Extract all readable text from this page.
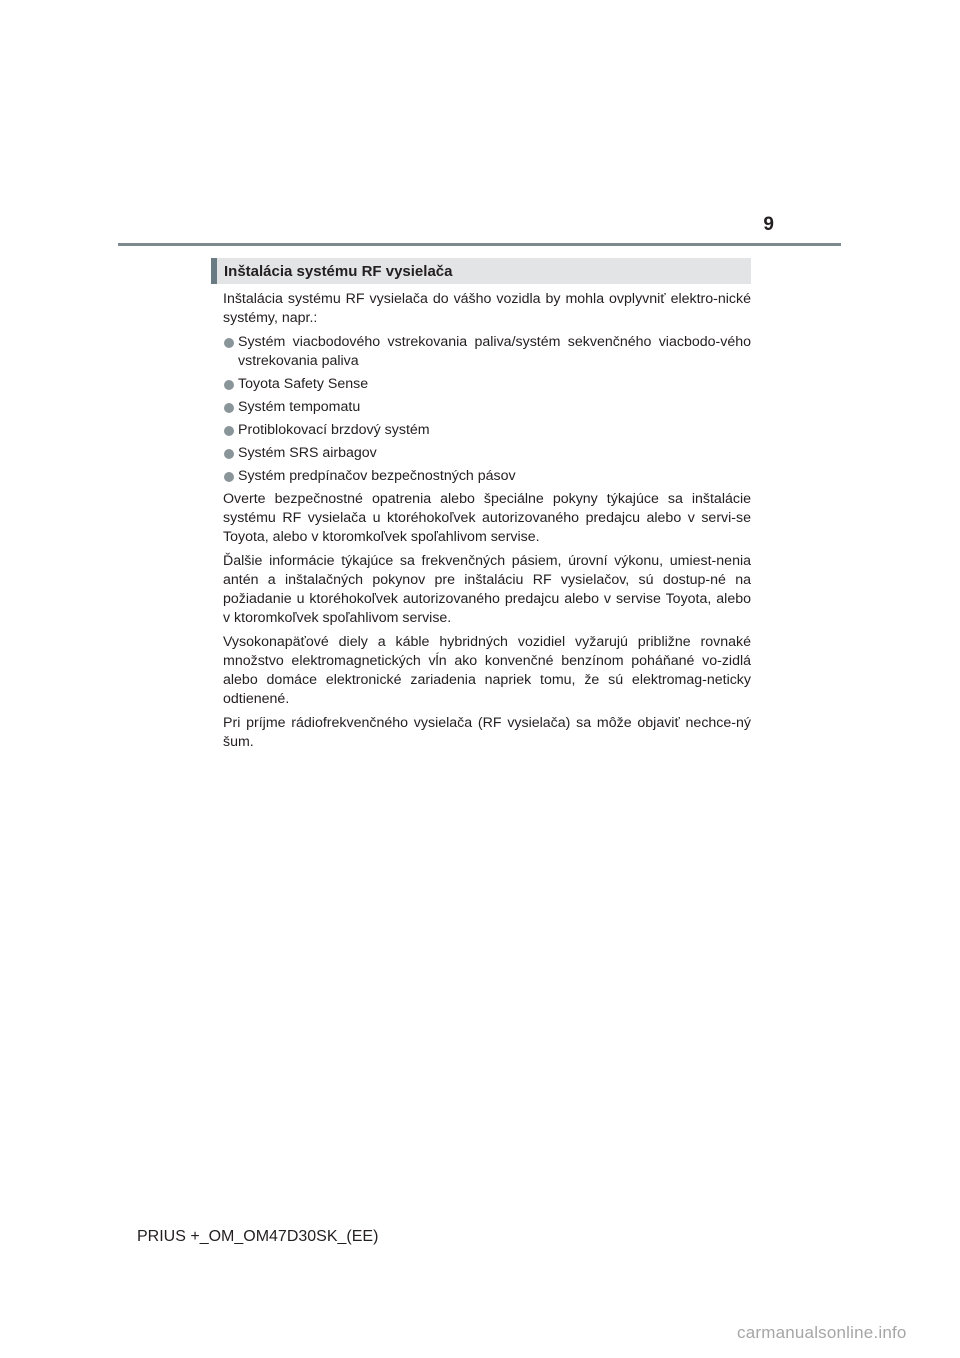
9
Inštalácia systému RF vysielača

Inštalácia systému RF vysielača do vášho vozidla by mohla ovplyvniť elektro-nické systémy, napr.:

Systém viacbodového vstrekovania paliva/systém sekvenčného viacbodo-vého vstrekovania paliva
Toyota Safety Sense
Systém tempomatu
Protiblokovací brzdový systém
Systém SRS airbagov
Systém predpínačov bezpečnostných pásov

Overte bezpečnostné opatrenia alebo špeciálne pokyny týkajúce sa inštalácie systému RF vysielača u ktoréhokoľvek autorizovaného predajcu alebo v servi-se Toyota, alebo v ktoromkoľvek spoľahlivom servise.

Ďalšie informácie týkajúce sa frekvenčných pásiem, úrovní výkonu, umiest-nenia antén a inštalačných pokynov pre inštaláciu RF vysielačov, sú dostup-né na požiadanie u ktoréhokoľvek autorizovaného predajcu alebo v servise Toyota, alebo v ktoromkoľvek spoľahlivom servise.

Vysokonapäťové diely a káble hybridných vozidiel vyžarujú približne rovnaké množstvo elektromagnetických vĺn ako konvenčné benzínom poháňané vo-zidlá alebo domáce elektronické zariadenia napriek tomu, že sú elektromag-neticky odtienené.

Pri príjme rádiofrekvenčného vysielača (RF vysielača) sa môže objaviť nechce-ný šum.

PRIUS +_OM_OM47D30SK_(EE)
carmanualsonline.info
